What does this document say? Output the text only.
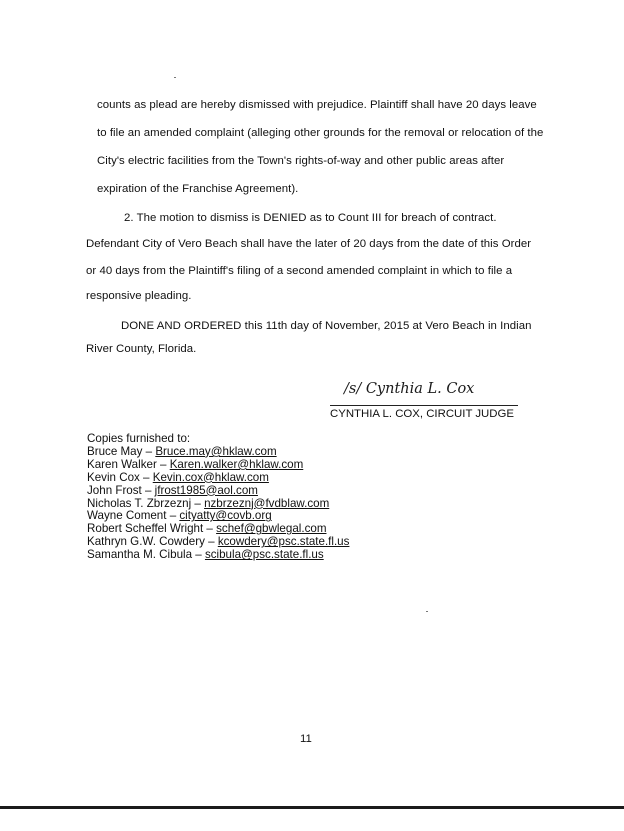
counts as plead are hereby dismissed with prejudice. Plaintiff shall have 20 days leave
to file an amended complaint (alleging other grounds for the removal or relocation of the
City's electric facilities from the Town's rights-of-way and other public areas after
expiration of the Franchise Agreement).
2. The motion to dismiss is DENIED as to Count III for breach of contract.
Defendant City of Vero Beach shall have the later of 20 days from the date of this Order
or 40 days from the Plaintiff's filing of a second amended complaint in which to file a
responsive pleading.
DONE AND ORDERED this 11th day of November, 2015 at Vero Beach in Indian
River County, Florida.
/s/ Cynthia L. Cox
CYNTHIA L. COX, CIRCUIT JUDGE
Copies furnished to:
Bruce May – Bruce.may@hklaw.com
Karen Walker – Karen.walker@hklaw.com
Kevin Cox – Kevin.cox@hklaw.com
John Frost – jfrost1985@aol.com
Nicholas T. Zbrzeznj – nzbrzeznj@fvdblaw.com
Wayne Coment – cityatty@covb.org
Robert Scheffel Wright – schef@gbwlegal.com
Kathryn G.W. Cowdery – kcowdery@psc.state.fl.us
Samantha M. Cibula – scibula@psc.state.fl.us
11
